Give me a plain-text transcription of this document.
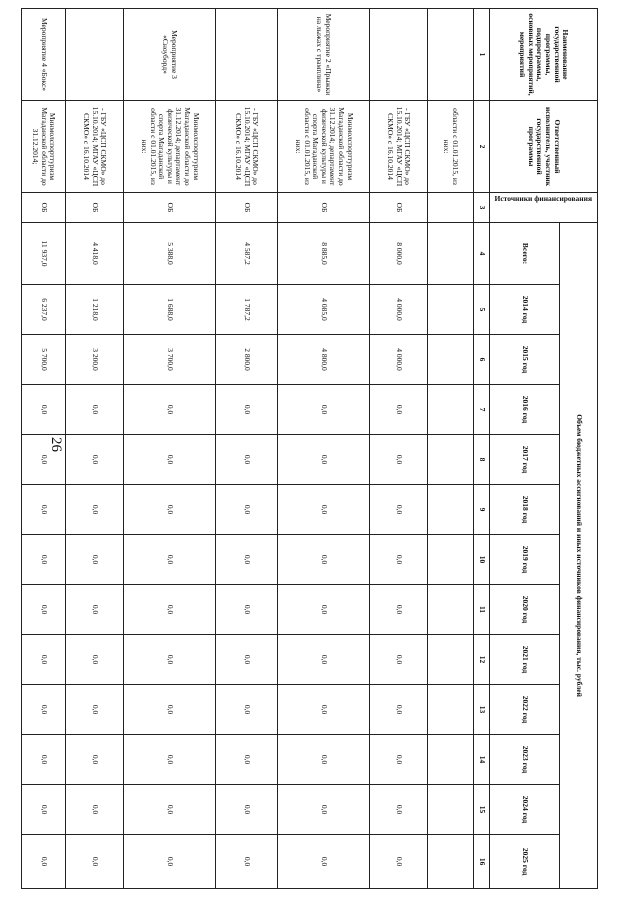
26
Наименование государственной программы, подпрограммы, основных мероприятий, мероприятий	Ответственный исполнитель, участник государственной программы	Источники финансирования	Объем бюджетных ассигнований и иных источников финансирования, тыс. рублей												
			Всего:	2014 год	2015 год	2016 год	2017 год	2018 год	2019 год	2020 год	2021 год	2022 год	2023 год	2024 год	2025 год
1	2	3	4	5	6	7	8	9	10	11	12	13	14	15	16
	области с 01.01.2015, из них:														
	- ГБУ «ЦСП СКМО» до 15.10.2014; МГАУ «ЦСП СКМО» с 16.10.2014	ОБ	8 000,0	4 000,0	4 000,0	0,0	0,0	0,0	0,0	0,0	0,0	0,0	0,0	0,0	0,0
Мероприятие 2 «Прыжки на лыжах с трамплина»	Минмолспорттуризм Магаданской области до 31.12.2014; департамент физической культуры и спорта Магаданской области с 01.01.2015, из них:	ОБ	8 885,0	4 085,0	4 800,0	0,0	0,0	0,0	0,0	0,0	0,0	0,0	0,0	0,0	0,0
	- ГБУ «ЦСП СКМО» до 15.10.2014; МГАУ «ЦСП СКМО» с 16.10.2014	ОБ	4 587,2	1 787,2	2 800,0	0,0	0,0	0,0	0,0	0,0	0,0	0,0	0,0	0,0	0,0
Мероприятие 3 «Сноуборд»	Минмолспорттуризм Магаданской области до 31.12.2014; департамент физической культуры и спорта Магаданской области с 01.01.2015, из них:	ОБ	5 388,0	1 688,0	3 700,0	0,0	0,0	0,0	0,0	0,0	0,0	0,0	0,0	0,0	0,0
	- ГБУ «ЦСП СКМО» до 15.10.2014; МГАУ «ЦСП СКМО» с 16.10.2014	ОБ	4 418,0	1 218,0	3 200,0	0,0	0,0	0,0	0,0	0,0	0,0	0,0	0,0	0,0	0,0
Мероприятие 4 «Бокс»	Минмолспорттуризм Магаданской области до 31.12.2014;	ОБ	11 937,0	6 237,0	5 700,0	0,0	0,0	0,0	0,0	0,0	0,0	0,0	0,0	0,0	0,0
